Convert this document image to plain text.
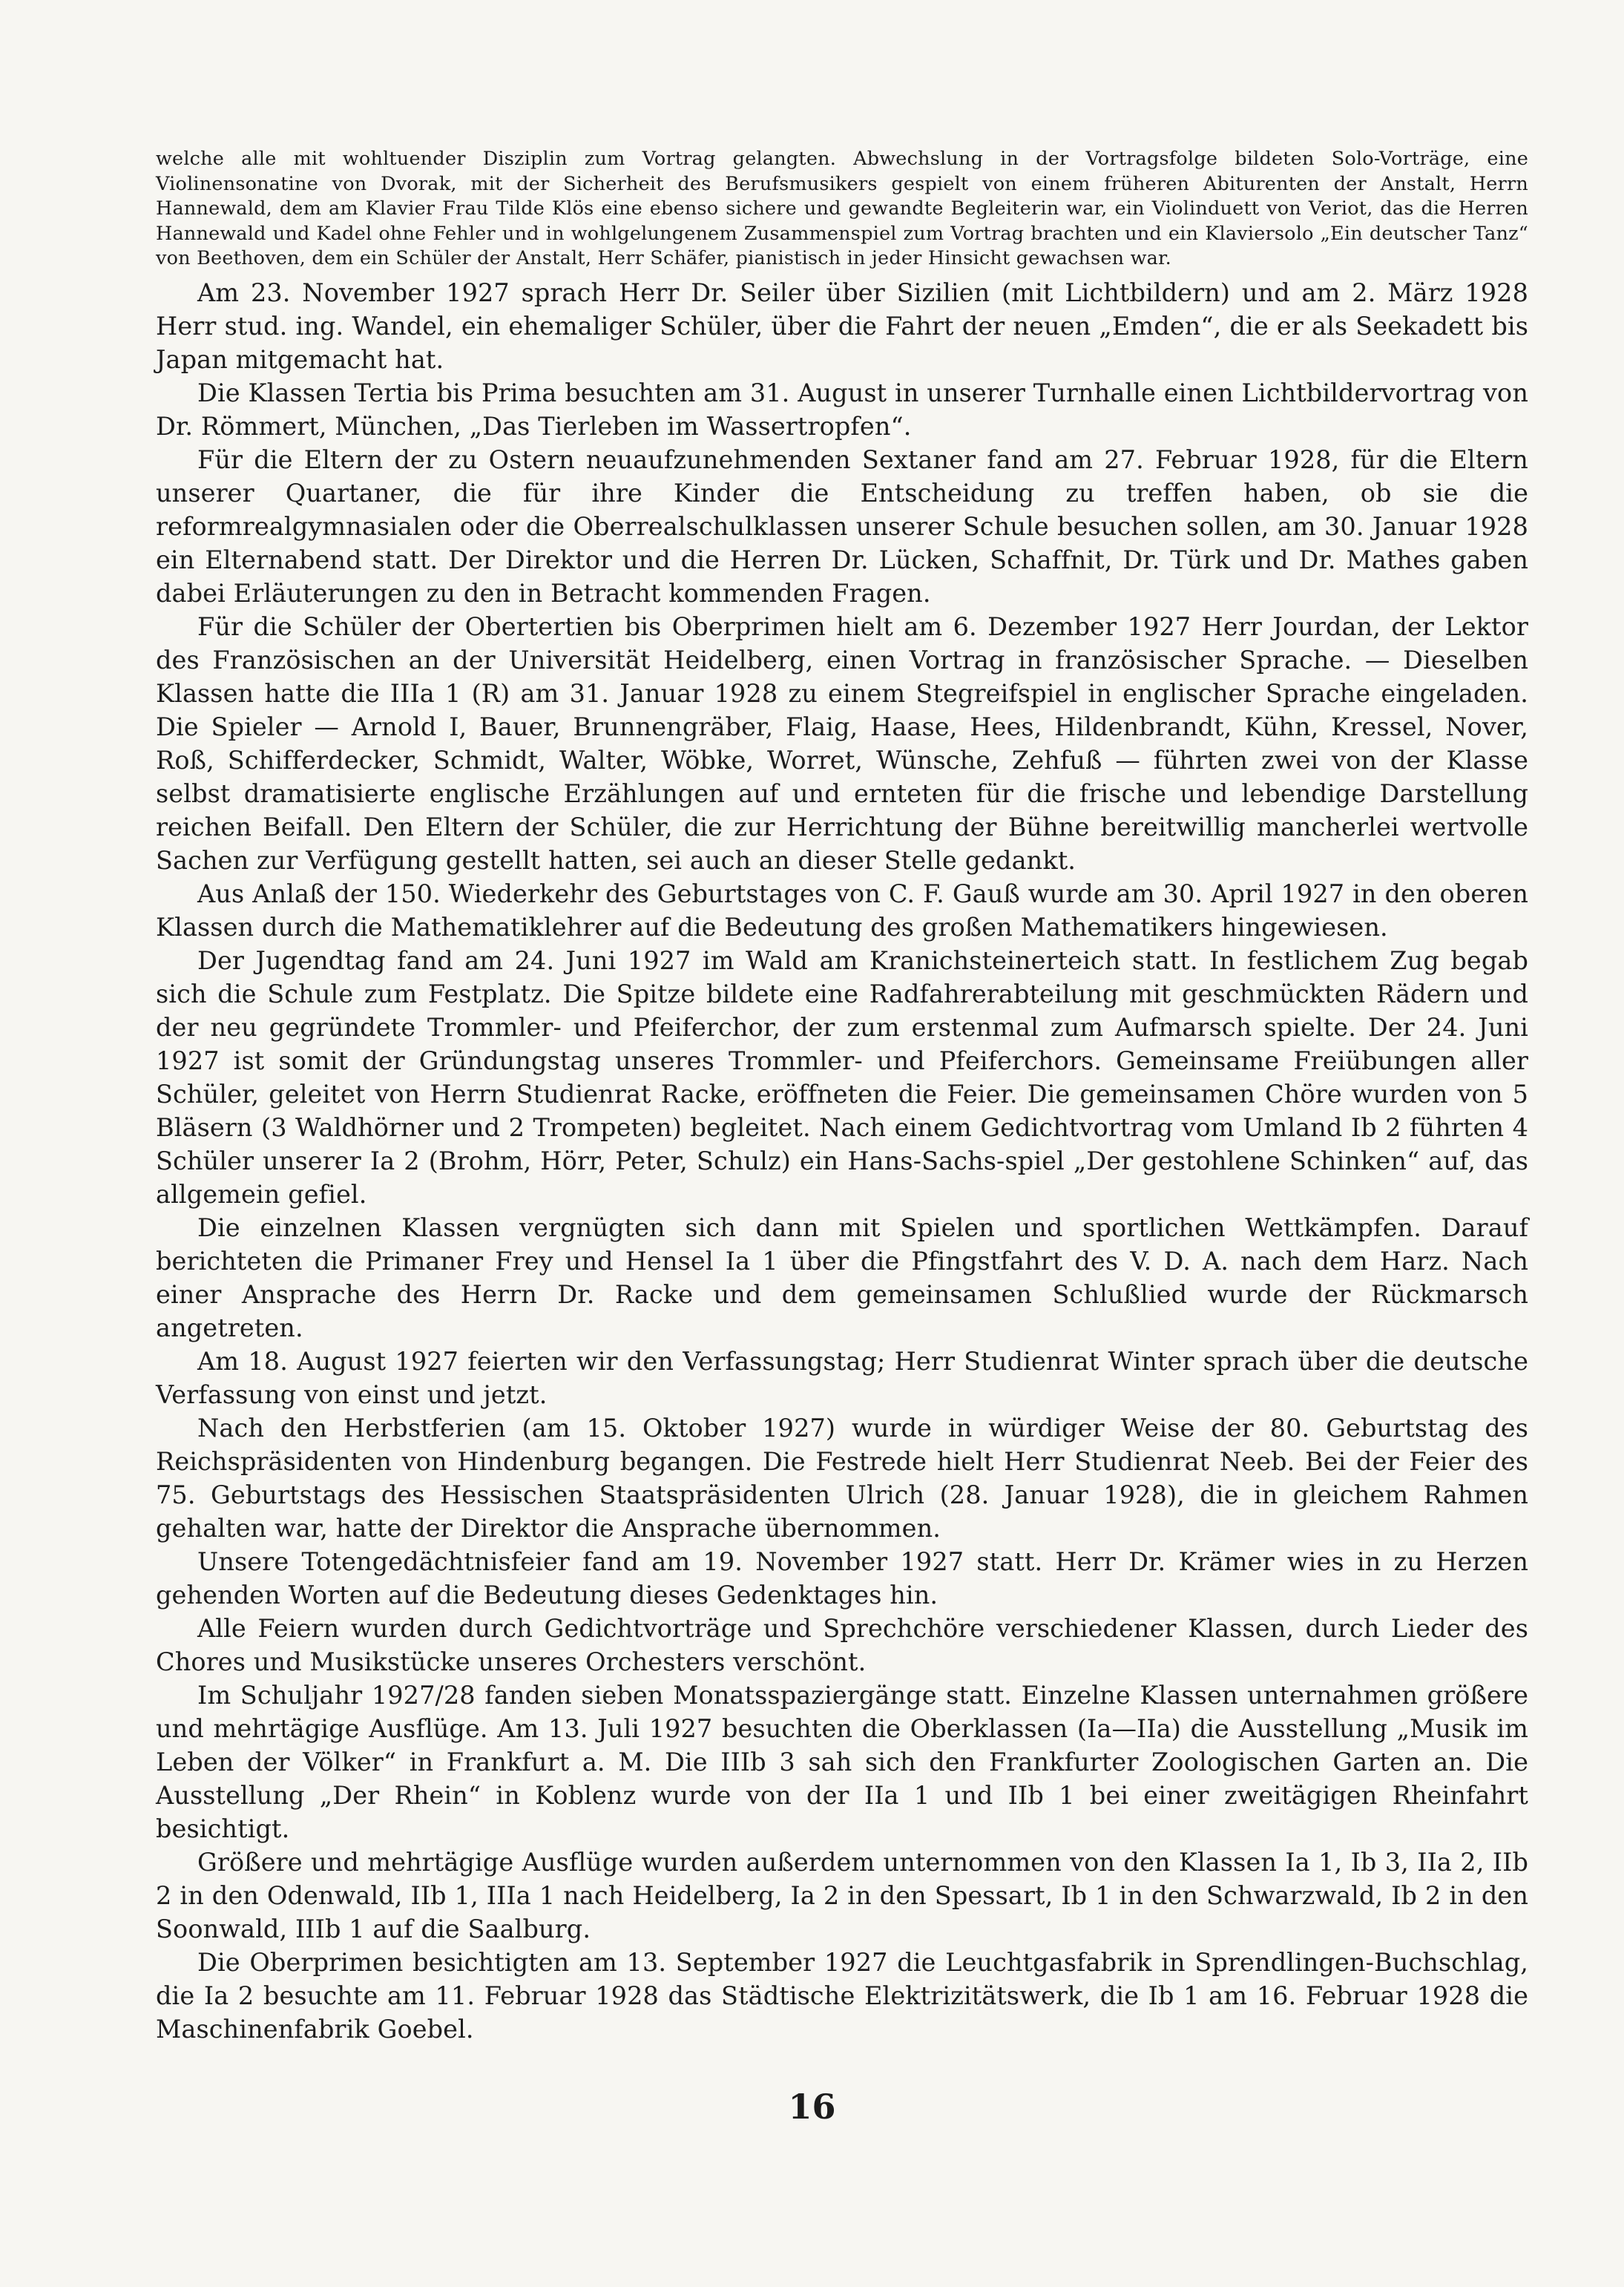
welche alle mit wohltuender Disziplin zum Vortrag gelangten. Abwechslung in der Vortragsfolge bildeten Solo-Vorträge, eine Violinensonatine von Dvorak, mit der Sicherheit des Berufsmusikers gespielt von einem früheren Abiturenten der Anstalt, Herrn Hannewald, dem am Klavier Frau Tilde Klös eine ebenso sichere und gewandte Begleiterin war, ein Violinduett von Veriot, das die Herren Hannewald und Kadel ohne Fehler und in wohlgelungenem Zusammenspiel zum Vortrag brachten und ein Klaviersolo „Ein deutscher Tanz“ von Beethoven, dem ein Schüler der Anstalt, Herr Schäfer, pianistisch in jeder Hinsicht gewachsen war.

Am 23. November 1927 sprach Herr Dr. Seiler über Sizilien (mit Lichtbildern) und am 2. März 1928 Herr stud. ing. Wandel, ein ehemaliger Schüler, über die Fahrt der neuen „Emden“, die er als Seekadett bis Japan mitgemacht hat.

Die Klassen Tertia bis Prima besuchten am 31. August in unserer Turnhalle einen Lichtbildervortrag von Dr. Römmert, München, „Das Tierleben im Wassertropfen“.

Für die Eltern der zu Ostern neuaufzunehmenden Sextaner fand am 27. Februar 1928, für die Eltern unserer Quartaner, die für ihre Kinder die Entscheidung zu treffen haben, ob sie die reformrealgymnasialen oder die Oberrealschulklassen unserer Schule besuchen sollen, am 30. Januar 1928 ein Elternabend statt. Der Direktor und die Herren Dr. Lücken, Schaffnit, Dr. Türk und Dr. Mathes gaben dabei Erläuterungen zu den in Betracht kommenden Fragen.

Für die Schüler der Obertertien bis Oberprimen hielt am 6. Dezember 1927 Herr Jourdan, der Lektor des Französischen an der Universität Heidelberg, einen Vortrag in französischer Sprache. — Dieselben Klassen hatte die IIIa 1 (R) am 31. Januar 1928 zu einem Stegreifspiel in englischer Sprache eingeladen. Die Spieler — Arnold I, Bauer, Brunnengräber, Flaig, Haase, Hees, Hildenbrandt, Kühn, Kressel, Nover, Roß, Schifferdecker, Schmidt, Walter, Wöbke, Worret, Wünsche, Zehfuß — führten zwei von der Klasse selbst dramatisierte englische Erzählungen auf und ernteten für die frische und lebendige Darstellung reichen Beifall. Den Eltern der Schüler, die zur Herrichtung der Bühne bereitwillig mancherlei wertvolle Sachen zur Verfügung gestellt hatten, sei auch an dieser Stelle gedankt.

Aus Anlaß der 150. Wiederkehr des Geburtstages von C. F. Gauß wurde am 30. April 1927 in den oberen Klassen durch die Mathematiklehrer auf die Bedeutung des großen Mathematikers hingewiesen.

Der Jugendtag fand am 24. Juni 1927 im Wald am Kranichsteinerteich statt. In festlichem Zug begab sich die Schule zum Festplatz. Die Spitze bildete eine Radfahrerabteilung mit geschmückten Rädern und der neu gegründete Trommler- und Pfeiferchor, der zum erstenmal zum Aufmarsch spielte. Der 24. Juni 1927 ist somit der Gründungstag unseres Trommler- und Pfeiferchors. Gemeinsame Freiübungen aller Schüler, geleitet von Herrn Studienrat Racke, eröffneten die Feier. Die gemeinsamen Chöre wurden von 5 Bläsern (3 Waldhörner und 2 Trompeten) begleitet. Nach einem Gedichtvortrag vom Umland Ib 2 führten 4 Schüler unserer Ia 2 (Brohm, Hörr, Peter, Schulz) ein Hans-Sachs-spiel „Der gestohlene Schinken“ auf, das allgemein gefiel.

Die einzelnen Klassen vergnügten sich dann mit Spielen und sportlichen Wettkämpfen. Darauf berichteten die Primaner Frey und Hensel Ia 1 über die Pfingstfahrt des V. D. A. nach dem Harz. Nach einer Ansprache des Herrn Dr. Racke und dem gemeinsamen Schlußlied wurde der Rückmarsch angetreten.

Am 18. August 1927 feierten wir den Verfassungstag; Herr Studienrat Winter sprach über die deutsche Verfassung von einst und jetzt.

Nach den Herbstferien (am 15. Oktober 1927) wurde in würdiger Weise der 80. Geburtstag des Reichspräsidenten von Hindenburg begangen. Die Festrede hielt Herr Studienrat Neeb. Bei der Feier des 75. Geburtstags des Hessischen Staatspräsidenten Ulrich (28. Januar 1928), die in gleichem Rahmen gehalten war, hatte der Direktor die Ansprache übernommen.

Unsere Totengedächtnisfeier fand am 19. November 1927 statt. Herr Dr. Krämer wies in zu Herzen gehenden Worten auf die Bedeutung dieses Gedenktages hin.

Alle Feiern wurden durch Gedichtvorträge und Sprechchöre verschiedener Klassen, durch Lieder des Chores und Musikstücke unseres Orchesters verschönt.

Im Schuljahr 1927/28 fanden sieben Monatsspaziergänge statt. Einzelne Klassen unternahmen größere und mehrtägige Ausflüge. Am 13. Juli 1927 besuchten die Oberklassen (Ia—IIa) die Ausstellung „Musik im Leben der Völker“ in Frankfurt a. M. Die IIIb 3 sah sich den Frankfurter Zoologischen Garten an. Die Ausstellung „Der Rhein“ in Koblenz wurde von der IIa 1 und IIb 1 bei einer zweitägigen Rheinfahrt besichtigt.

Größere und mehrtägige Ausflüge wurden außerdem unternommen von den Klassen Ia 1, Ib 3, IIa 2, IIb 2 in den Odenwald, IIb 1, IIIa 1 nach Heidelberg, Ia 2 in den Spessart, Ib 1 in den Schwarzwald, Ib 2 in den Soonwald, IIIb 1 auf die Saalburg.

Die Oberprimen besichtigten am 13. September 1927 die Leuchtgasfabrik in Sprendlingen-Buchschlag, die Ia 2 besuchte am 11. Februar 1928 das Städtische Elektrizitätswerk, die Ib 1 am 16. Februar 1928 die Maschinenfabrik Goebel.

16
